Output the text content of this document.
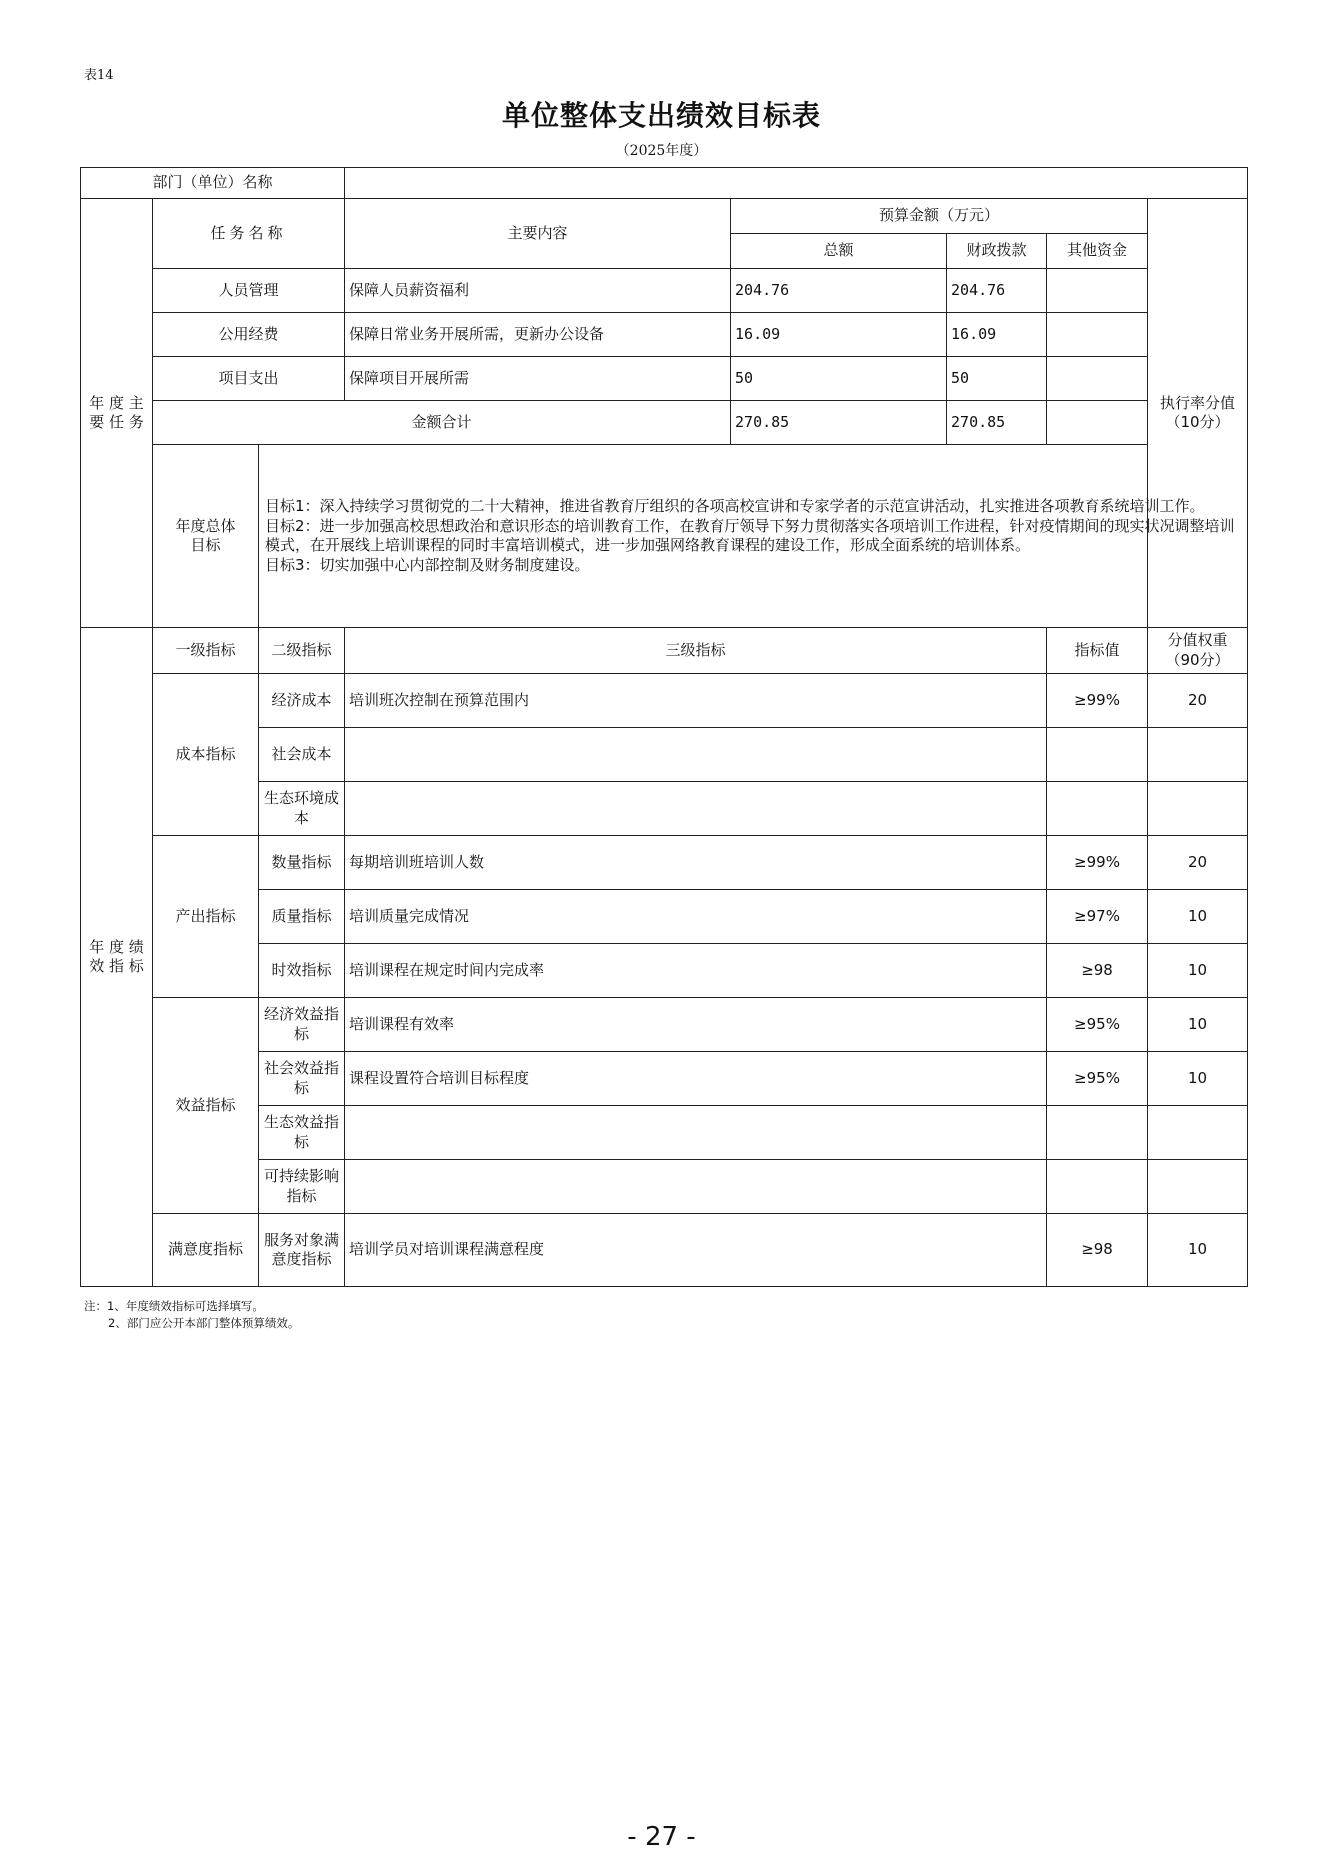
表14
单位整体支出绩效目标表
（2025年度）
部门（单位）名称							
年 度 主 要 任 务	任务名称		主要内容	预算金额（万元）			执行率分值（10分）
				总额	财政拨款	其他资金	
	人员管理		保障人员薪资福利	204.76	204.76		
	公用经费		保障日常业务开展所需，更新办公设备	16.09	16.09		
	项目支出		保障项目开展所需	50	50		
	金额合计			270.85	270.85		
	年度总体目标	目标1：深入持续学习贯彻党的二十大精神，推进省教育厅组织的各项高校宣讲和专家学者的示范宣讲活动，扎实推进各项教育系统培训工作。
目标2：进一步加强高校思想政治和意识形态的培训教育工作，在教育厅领导下努力贯彻落实各项培训工作进程，针对疫情期间的现实状况调整培训模式，在开展线上培训课程的同时丰富培训模式，进一步加强网络教育课程的建设工作，形成全面系统的培训体系。
目标3：切实加强中心内部控制及财务制度建设。					

年 度 绩 效 指 标	一级指标	二级指标	三级指标			指标值	分值权重（90分）
	成本指标	经济成本	培训班次控制在预算范围内			≥99%	20
		社会成本					
		生态环境成本					
	产出指标	数量指标	每期培训班培训人数			≥99%	20
		质量指标	培训质量完成情况			≥97%	10
		时效指标	培训课程在规定时间内完成率			≥98	10
	效益指标	经济效益指标	培训课程有效率			≥95%	10
		社会效益指标	课程设置符合培训目标程度			≥95%	10
		生态效益指标					
		可持续影响指标					
	满意度指标	服务对象满意度指标	培训学员对培训课程满意程度			≥98	10
注：1、年度绩效指标可选择填写。
2、部门应公开本部门整体预算绩效。
- 27 -
